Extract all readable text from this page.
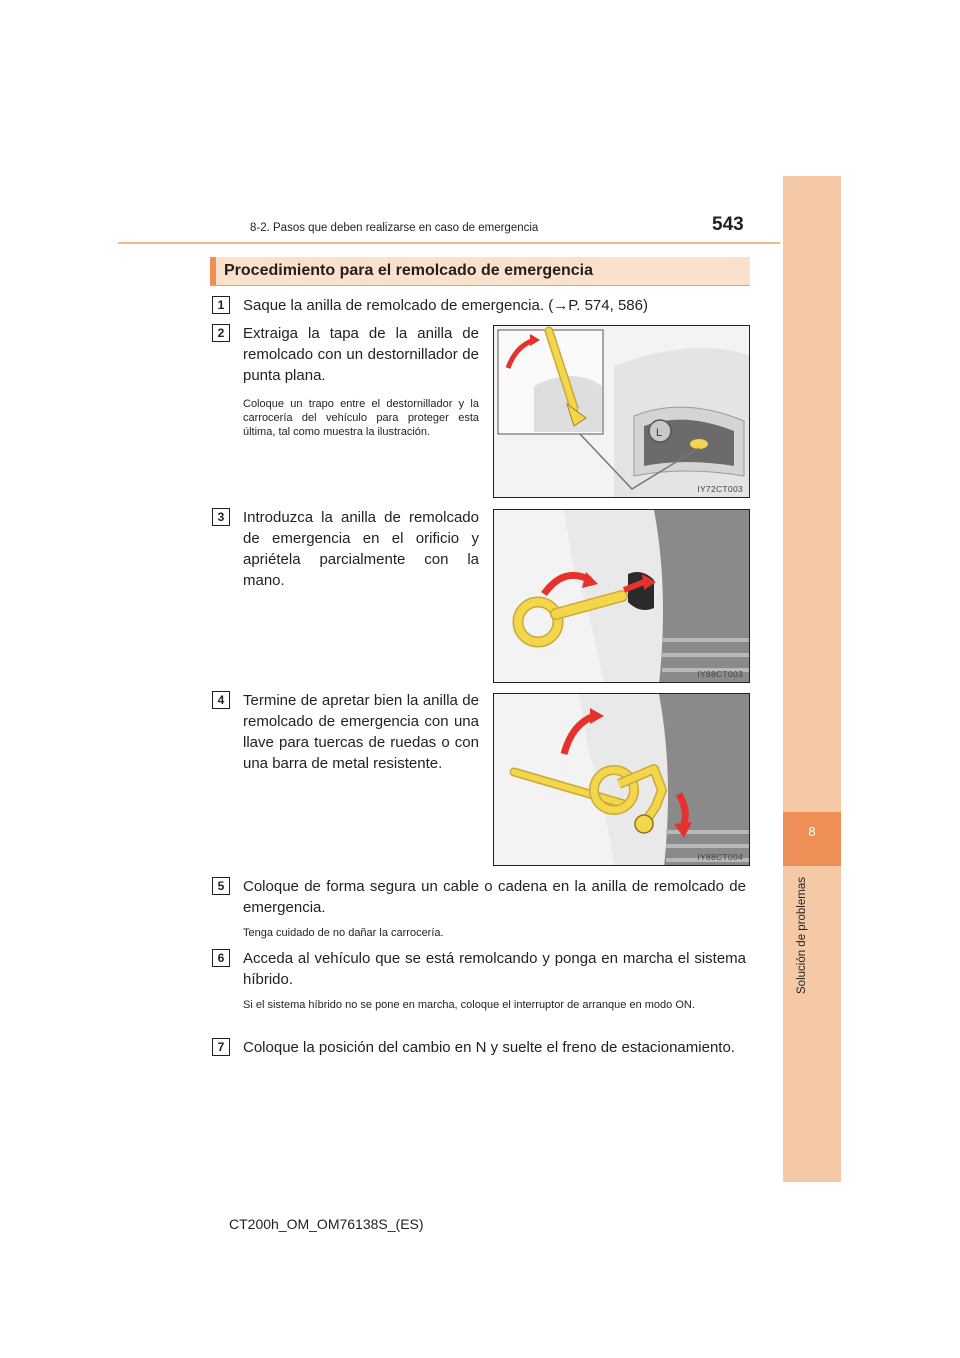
8-2. Pasos que deben realizarse en caso de emergencia	543
8
Solución de problemas
Procedimiento para el remolcado de emergencia
1	Saque la anilla de remolcado de emergencia. (→P. 574, 586)
2	Extraiga la tapa de la anilla de remolcado con un destornillador de punta plana.
Coloque un trapo entre el destornillador y la carrocería del vehículo para proteger esta última, tal como muestra la ilustración.	L
IY72CT003
3	Introduzca la anilla de remolcado de emergencia en el orificio y apriétela parcialmente con la mano.
IY88CT003
4	Termine de apretar bien la anilla de remolcado de emergencia con una llave para tuercas de ruedas o con una barra de metal resistente.
IY88CT004
5	Coloque de forma segura un cable o cadena en la anilla de remolcado de emergencia.
Tenga cuidado de no dañar la carrocería.
6	Acceda al vehículo que se está remolcando y ponga en marcha el sistema híbrido.
Si el sistema híbrido no se pone en marcha, coloque el interruptor de arranque en modo ON.
7	Coloque la posición del cambio en N y suelte el freno de estacionamiento.
CT200h_OM_OM76138S_(ES)
